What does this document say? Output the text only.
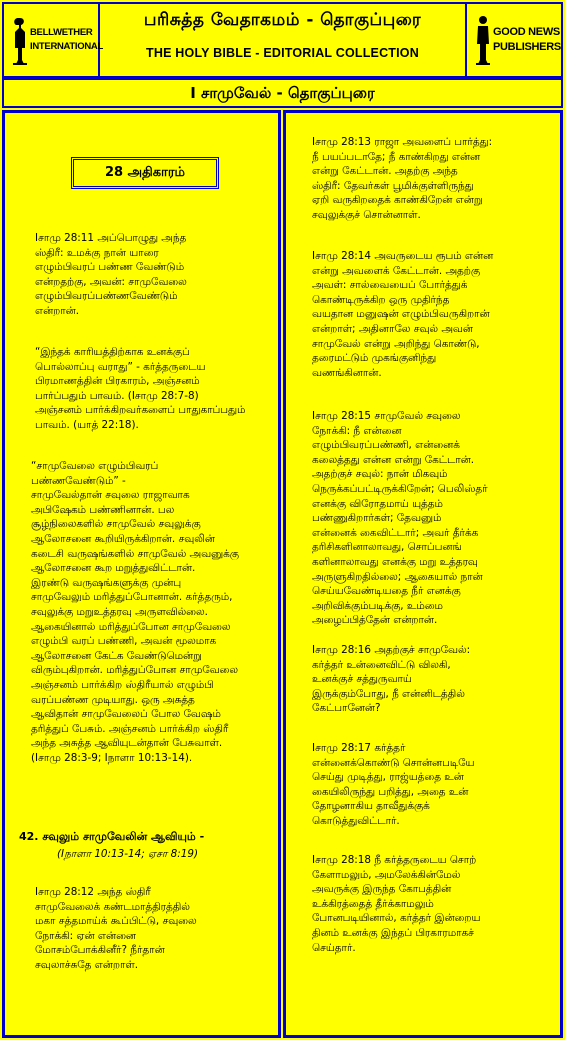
BELLWETHER
INTERNATIONAL
பரிசுத்த வேதாகமம் - தொகுப்புரை
THE HOLY BIBLE - EDITORIAL COLLECTION
GOOD NEWS
PUBLISHERS
I சாமுவேல் - தொகுப்புரை
28 அதிகாரம்
Iசாமு 28:11 அப்பொழுது அந்த
ஸ்திரீ: உமக்கு நான் யாரை
எழும்பிவரப் பண்ண வேண்டும்
என்றதற்கு, அவன்: சாமுவேலை
எழும்பிவரப்பண்ணவேண்டும்
என்றான்.
“இந்தக் காரியத்திற்காக உனக்குப்
பொல்லாப்பு வராது” - கர்த்தருடைய
பிரமாணத்தின் பிரகாரம், அஞ்சனம்
பார்ப்பதும் பாவம். (Iசாமு 28:7-8)
அஞ்சனம் பார்க்கிறவர்களைப் பாதுகாப்பதும்
பாவம். (யாத் 22:18).
“சாமுவேலை எழும்பிவரப்
பண்ணவேண்டும்” -
சாமுவேல்தான் சவுலை ராஜாவாக
அபிஷேகம் பண்ணினான். பல
சூழ்நிலைகளில் சாமுவேல் சவுலுக்கு
ஆலோசனை கூறியிருக்கிறான். சவுலின்
கடைசி வருஷங்களில் சாமுவேல் அவனுக்கு
ஆலோசனை கூற மறுத்துவிட்டான்.
இரண்டு வருஷங்களுக்கு முன்பு
சாமுவேலும் மரித்துப்போனான். கர்த்தரும்,
சவுலுக்கு மறுஉத்தரவு அருளவில்லை.
ஆகையினால் மரித்துப்போன சாமுவேலை
எழும்பி வரப் பண்ணி, அவன் மூலமாக
ஆலோசனை கேட்க வேண்டுமென்று
விரும்புகிறான். மரித்துப்போன சாமுவேலை
அஞ்சனம் பார்க்கிற ஸ்திரீயால் எழும்பி
வரப்பண்ண முடியாது. ஒரு அசுத்த
ஆவிதான் சாமுவேலைப் போல வேஷம்
தரித்துப் பேசும். அஞ்சனம் பார்க்கிற ஸ்திரீ
அந்த அசுத்த ஆவியுடன்தான் பேசுவாள்.
(Iசாமு 28:3-9; Iநாளா 10:13-14).
42. சவுலும் சாமுவேலின் ஆவியும் -
(Iநாளா 10:13-14; ஏசா 8:19)
Iசாமு 28:12 அந்த ஸ்திரீ
சாமுவேலைக் கண்டமாத்திரத்தில்
மகா சத்தமாய்க் கூப்பிட்டு, சவுலை
நோக்கி: ஏன் என்னை
மோசம்போக்கினீர்? நீர்தான்
சவுலாச்சுதே என்றாள்.
Iசாமு 28:13 ராஜா அவளைப் பார்த்து:
நீ பயப்படாதே; நீ காண்கிறது என்ன
என்று கேட்டான். அதற்கு அந்த
ஸ்திரீ: தேவர்கள் பூமிக்குள்ளிருந்து
ஏறி வருகிறதைக் காண்கிறேன் என்று
சவுலுக்குச் சொன்னாள்.
Iசாமு 28:14 அவருடைய ரூபம் என்ன
என்று அவளைக் கேட்டான். அதற்கு
அவள்: சால்வையைப் போர்த்துக்
கொண்டிருக்கிற ஒரு முதிர்ந்த
வயதான மனுஷன் எழும்பிவருகிறான்
என்றாள்; அதினாலே சவுல் அவன்
சாமுவேல் என்று அறிந்து கொண்டு,
தரைமட்டும் முகங்குனிந்து
வணங்கினான்.
Iசாமு 28:15 சாமுவேல் சவுலை
நோக்கி: நீ என்னை
எழும்பிவரப்பண்ணி, என்னைக்
கலைத்தது என்ன என்று கேட்டான்.
அதற்குச் சவுல்: நான் மிகவும்
நெருக்கப்பட்டிருக்கிறேன்; பெலிஸ்தர்
எனக்கு விரோதமாய் யுத்தம்
பண்ணுகிறார்கள்; தேவனும்
என்னைக் கைவிட்டார்; அவர் தீர்க்க
தரிசிகளினாலாவது, சொப்பனங்
களினாலாவது எனக்கு மறு உத்தரவு
அருளுகிறதில்லை; ஆகையால் நான்
செய்யவேண்டியதை நீர் எனக்கு
அறிவிக்கும்படிக்கு, உம்மை
அழைப்பித்தேன் என்றான்.
Iசாமு 28:16 அதற்குச் சாமுவேல்:
கர்த்தர் உன்னைவிட்டு விலகி,
உனக்குச் சத்துருவாய்
இருக்கும்போது, நீ என்னிடத்தில்
கேட்பானேன்?
Iசாமு 28:17 கர்த்தர்
என்னைக்கொண்டு சொன்னபடியே
செய்து முடித்து, ராஜ்யத்தை உன்
கையிலிருந்து பறித்து, அதை உன்
தோழனாகிய தாவீதுக்குக்
கொடுத்துவிட்டார்.
Iசாமு 28:18 நீ கர்த்தருடைய சொற்
கேளாமலும், அமலேக்கின்மேல்
அவருக்கு இருந்த கோபத்தின்
உக்கிரத்தைத் தீர்க்காமலும்
போனபடியினால், கர்த்தர் இன்றைய
தினம் உனக்கு இந்தப் பிரகாரமாகச்
செய்தார்.
